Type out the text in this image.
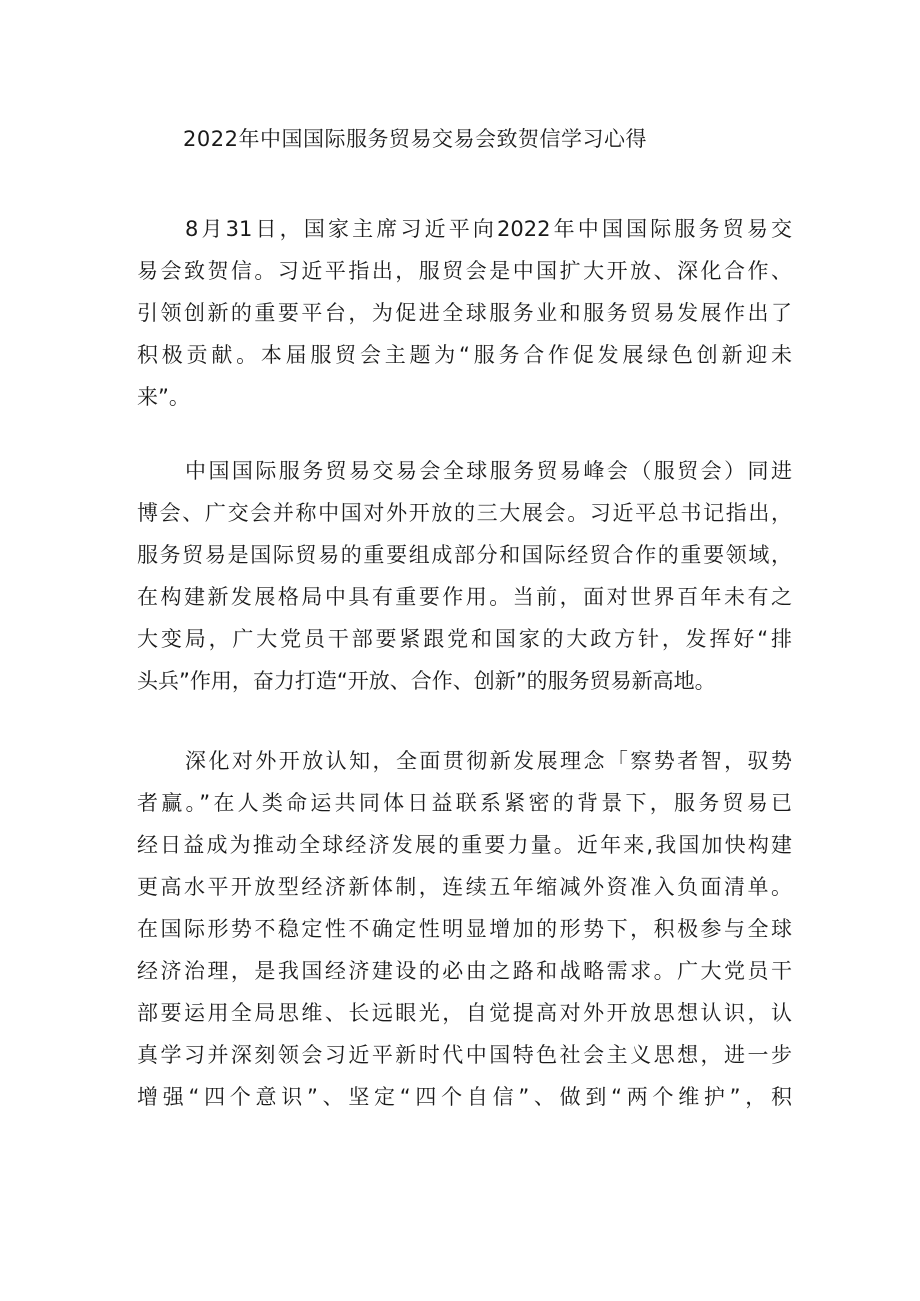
2022年中国国际服务贸易交易会致贺信学习心得
8月31日，国家主席习近平向2022年中国国际服务贸易交
易会致贺信。习近平指出，服贸会是中国扩大开放、深化合作、
引领创新的重要平台，为促进全球服务业和服务贸易发展作出了
积极贡献。本届服贸会主题为“服务合作促发展绿色创新迎未
来”。
中国国际服务贸易交易会全球服务贸易峰会（服贸会）同进
博会、广交会并称中国对外开放的三大展会。习近平总书记指出，
服务贸易是国际贸易的重要组成部分和国际经贸合作的重要领域，
在构建新发展格局中具有重要作用。当前，面对世界百年未有之
大变局，广大党员干部要紧跟党和国家的大政方针，发挥好“排
头兵”作用，奋力打造“开放、合作、创新”的服务贸易新高地。
深化对外开放认知，全面贯彻新发展理念「察势者智，驭势
者赢。”在人类命运共同体日益联系紧密的背景下，服务贸易已
经日益成为推动全球经济发展的重要力量。近年来,我国加快构建
更高水平开放型经济新体制，连续五年缩减外资准入负面清单。
在国际形势不稳定性不确定性明显增加的形势下，积极参与全球
经济治理，是我国经济建设的必由之路和战略需求。广大党员干
部要运用全局思维、长远眼光，自觉提高对外开放思想认识，认
真学习并深刻领会习近平新时代中国特色社会主义思想，进一步
增强“四个意识”、坚定“四个自信”、做到“两个维护”，积
